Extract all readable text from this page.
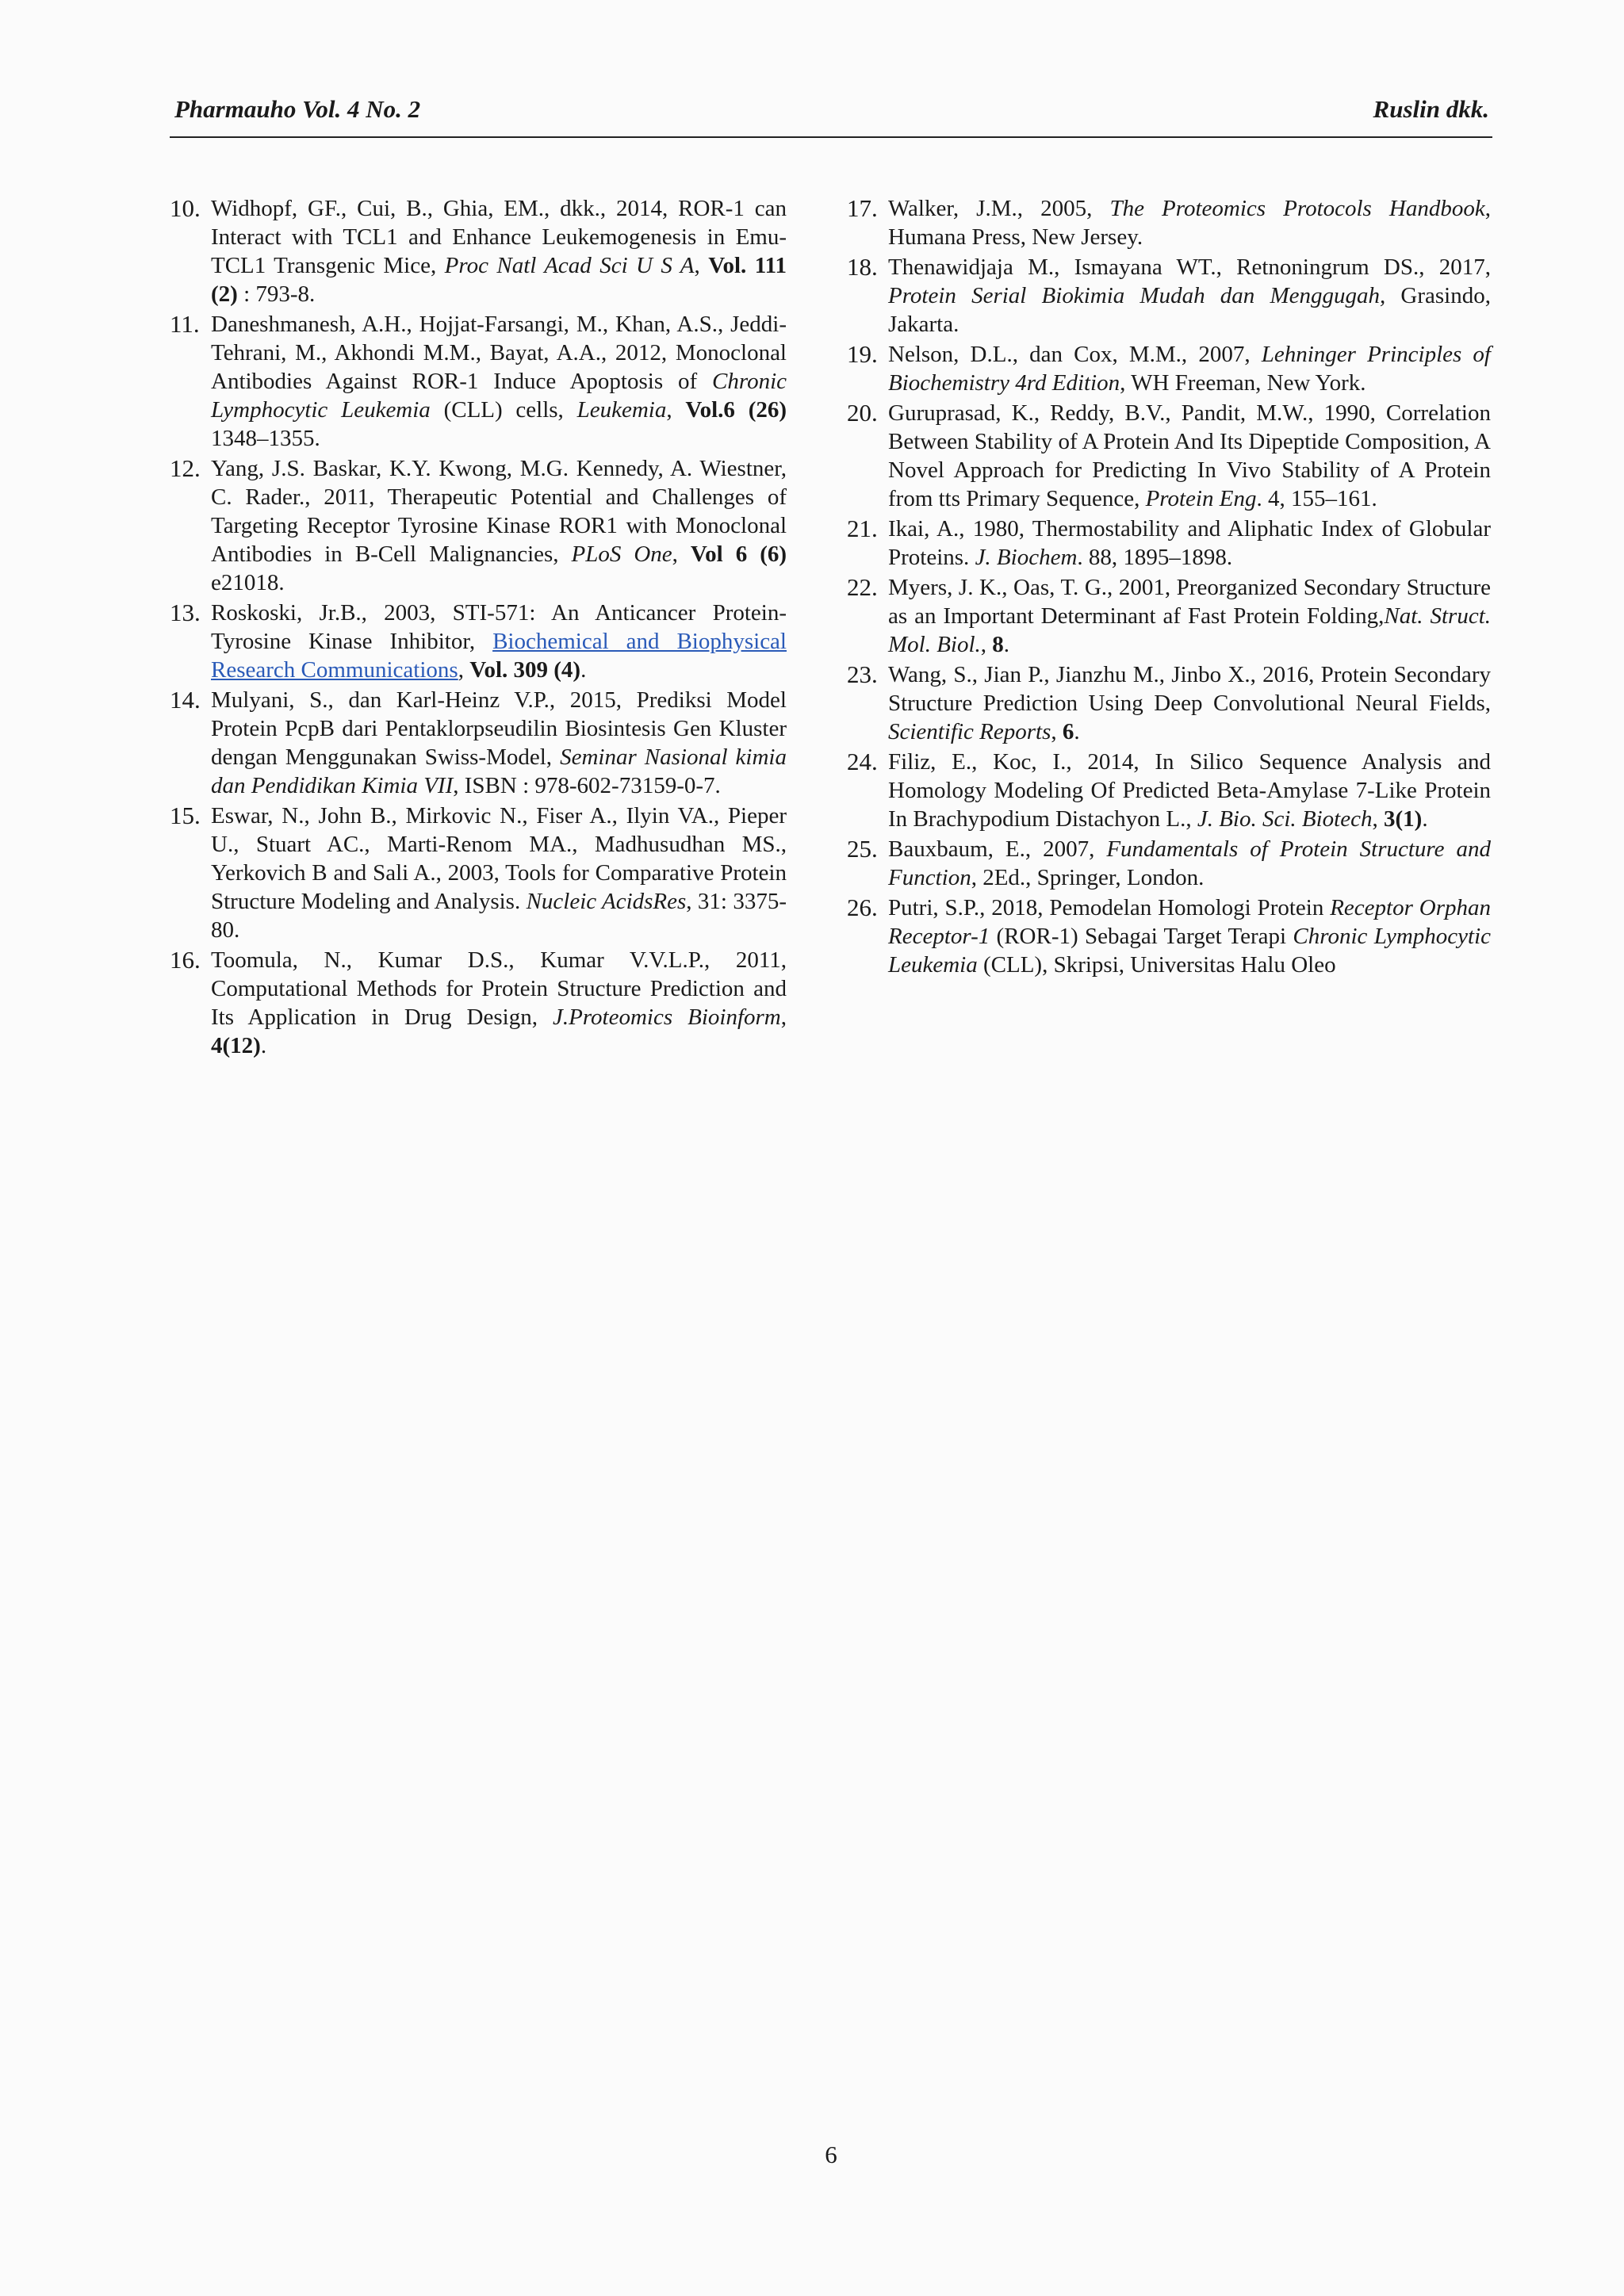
Pharmauho Vol. 4 No. 2	Ruslin dkk.
10. Widhopf, GF., Cui, B., Ghia, EM., dkk., 2014, ROR-1 can Interact with TCL1 and Enhance Leukemogenesis in Emu-TCL1 Transgenic Mice, Proc Natl Acad Sci U S A, Vol. 111 (2) : 793-8.
11. Daneshmanesh, A.H., Hojjat-Farsangi, M., Khan, A.S., Jeddi-Tehrani, M., Akhondi M.M., Bayat, A.A., 2012, Monoclonal Antibodies Against ROR-1 Induce Apoptosis of Chronic Lymphocytic Leukemia (CLL) cells, Leukemia, Vol.6 (26) 1348–1355.
12. Yang, J.S. Baskar, K.Y. Kwong, M.G. Kennedy, A. Wiestner, C. Rader., 2011, Therapeutic Potential and Challenges of Targeting Receptor Tyrosine Kinase ROR1 with Monoclonal Antibodies in B-Cell Malignancies, PLoS One, Vol 6 (6) e21018.
13. Roskoski, Jr.B., 2003, STI-571: An Anticancer Protein-Tyrosine Kinase Inhibitor, Biochemical and Biophysical Research Communications, Vol. 309 (4).
14. Mulyani, S., dan Karl-Heinz V.P., 2015, Prediksi Model Protein PcpB dari Pentaklorpseudilin Biosintesis Gen Kluster dengan Menggunakan Swiss-Model, Seminar Nasional kimia dan Pendidikan Kimia VII, ISBN : 978-602-73159-0-7.
15. Eswar, N., John B., Mirkovic N., Fiser A., Ilyin VA., Pieper U., Stuart AC., Marti-Renom MA., Madhusudhan MS., Yerkovich B and Sali A., 2003, Tools for Comparative Protein Structure Modeling and Analysis. Nucleic AcidsRes, 31: 3375-80.
16. Toomula, N., Kumar D.S., Kumar V.V.L.P., 2011, Computational Methods for Protein Structure Prediction and Its Application in Drug Design, J.Proteomics Bioinform, 4(12).
17. Walker, J.M., 2005, The Proteomics Protocols Handbook, Humana Press, New Jersey.
18. Thenawidjaja M., Ismayana WT., Retnoningrum DS., 2017, Protein Serial Biokimia Mudah dan Menggugah, Grasindo, Jakarta.
19. Nelson, D.L., dan Cox, M.M., 2007, Lehninger Principles of Biochemistry 4rd Edition, WH Freeman, New York.
20. Guruprasad, K., Reddy, B.V., Pandit, M.W., 1990, Correlation Between Stability of A Protein And Its Dipeptide Composition, A Novel Approach for Predicting In Vivo Stability of A Protein from tts Primary Sequence, Protein Eng. 4, 155–161.
21. Ikai, A., 1980, Thermostability and Aliphatic Index of Globular Proteins. J. Biochem. 88, 1895–1898.
22. Myers, J. K., Oas, T. G., 2001, Preorganized Secondary Structure as an Important Determinant af Fast Protein Folding,Nat. Struct. Mol. Biol., 8.
23. Wang, S., Jian P., Jianzhu M., Jinbo X., 2016, Protein Secondary Structure Prediction Using Deep Convolutional Neural Fields, Scientific Reports, 6.
24. Filiz, E., Koc, I., 2014, In Silico Sequence Analysis and Homology Modeling Of Predicted Beta-Amylase 7-Like Protein In Brachypodium Distachyon L., J. Bio. Sci. Biotech, 3(1).
25. Bauxbaum, E., 2007, Fundamentals of Protein Structure and Function, 2Ed., Springer, London.
26. Putri, S.P., 2018, Pemodelan Homologi Protein Receptor Orphan Receptor-1 (ROR-1) Sebagai Target Terapi Chronic Lymphocytic Leukemia (CLL), Skripsi, Universitas Halu Oleo
6
